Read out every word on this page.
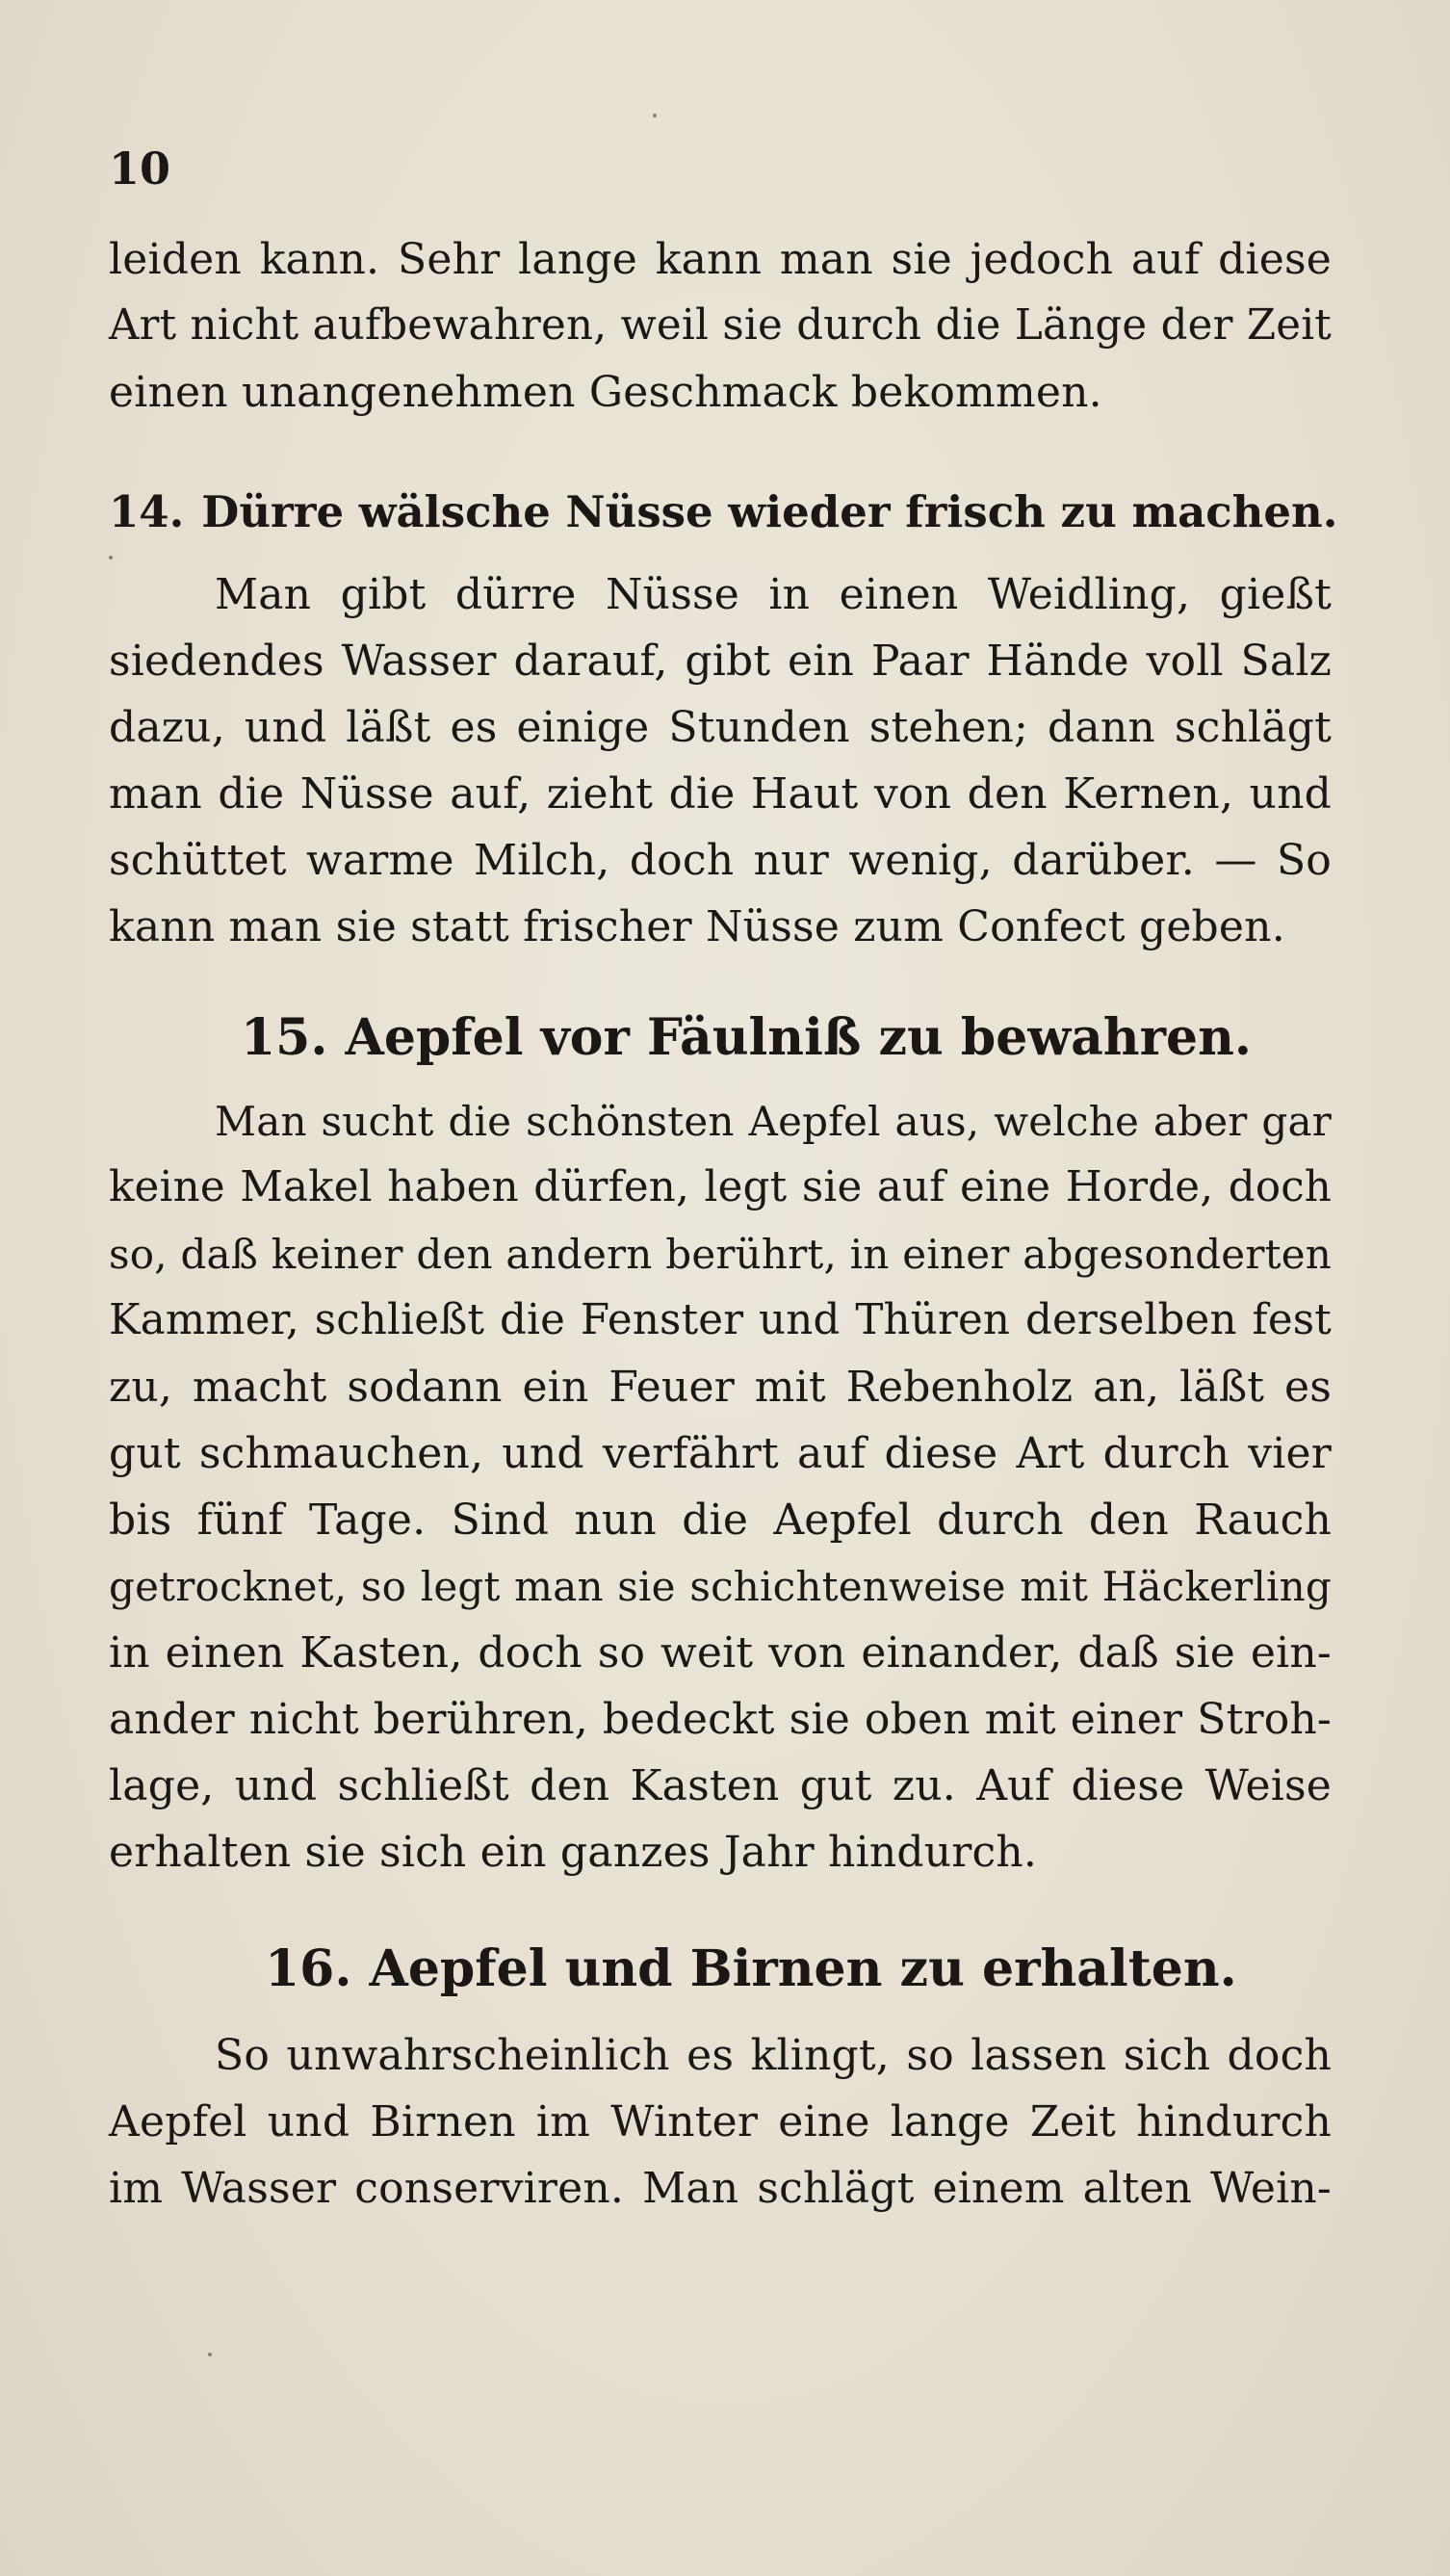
10
leiden kann. Sehr lange kann man sie jedoch auf diese
Art nicht aufbewahren, weil sie durch die Länge der Zeit
einen unangenehmen Geschmack bekommen.
14. Dürre wälsche Nüsse wieder frisch zu machen.
Man gibt dürre Nüsse in einen Weidling, gießt
siedendes Wasser darauf, gibt ein Paar Hände voll Salz
dazu, und läßt es einige Stunden stehen; dann schlägt
man die Nüsse auf, zieht die Haut von den Kernen, und
schüttet warme Milch, doch nur wenig, darüber. — So
kann man sie statt frischer Nüsse zum Confect geben.
15. Aepfel vor Fäulniß zu bewahren.
Man sucht die schönsten Aepfel aus, welche aber gar
keine Makel haben dürfen, legt sie auf eine Horde, doch
so, daß keiner den andern berührt, in einer abgesonderten
Kammer, schließt die Fenster und Thüren derselben fest
zu, macht sodann ein Feuer mit Rebenholz an, läßt es
gut schmauchen, und verfährt auf diese Art durch vier
bis fünf Tage. Sind nun die Aepfel durch den Rauch
getrocknet, so legt man sie schichtenweise mit Häckerling
in einen Kasten, doch so weit von einander, daß sie ein-
ander nicht berühren, bedeckt sie oben mit einer Stroh-
lage, und schließt den Kasten gut zu. Auf diese Weise
erhalten sie sich ein ganzes Jahr hindurch.
16. Aepfel und Birnen zu erhalten.
So unwahrscheinlich es klingt, so lassen sich doch
Aepfel und Birnen im Winter eine lange Zeit hindurch
im Wasser conserviren. Man schlägt einem alten Wein-
